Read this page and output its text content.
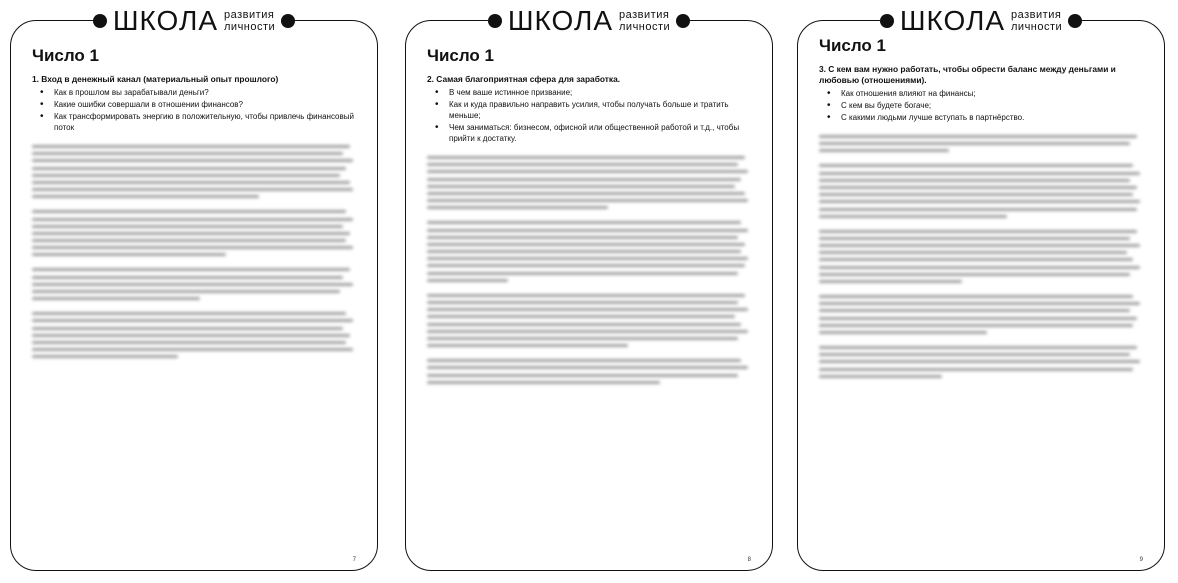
ШКОЛА развития
личности
Число 1
1. Вход в денежный канал (материальный опыт прошлого)
• Как в прошлом вы зарабатывали деньги?
• Какие ошибки совершали в отношении финансов?
• Как трансформировать энергию в положительную, чтобы привлечь финансовый поток
7
ШКОЛА развития
личности
Число 1
2. Самая благоприятная сфера для заработка.
• В чем ваше истинное призвание;
• Как и куда правильно направить усилия, чтобы получать больше и тратить меньше;
• Чем заниматься: бизнесом, офисной или общественной работой и т.д., чтобы прийти к достатку.
8
ШКОЛА развития
личности
Число 1
3. С кем вам нужно работать, чтобы обрести баланс между деньгами и любовью (отношениями).
• Как отношения влияют на финансы;
• С кем вы будете богаче;
• С какими людьми лучше вступать в партнёрство.
9
